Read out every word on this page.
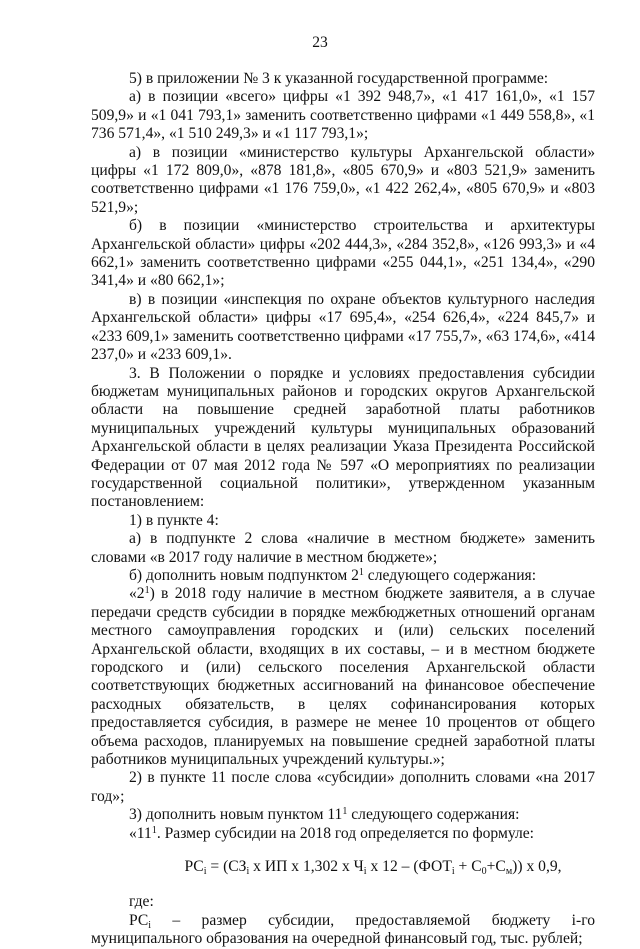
23

5) в приложении № 3 к указанной государственной программе:

а) в позиции «всего» цифры «1 392 948,7», «1 417 161,0», «1 157 509,9» и «1 041 793,1» заменить соответственно цифрами «1 449 558,8», «1 736 571,4», «1 510 249,3» и «1 117 793,1»;

а) в позиции «министерство культуры Архангельской области» цифры «1 172 809,0», «878 181,8», «805 670,9» и «803 521,9» заменить соответственно цифрами «1 176 759,0», «1 422 262,4», «805 670,9» и «803 521,9»;

б) в позиции «министерство строительства и архитектуры Архангельской области» цифры «202 444,3», «284 352,8», «126 993,3» и «4 662,1» заменить соответственно цифрами «255 044,1», «251 134,4», «290 341,4» и «80 662,1»;

в) в позиции «инспекция по охране объектов культурного наследия Архангельской области» цифры «17 695,4», «254 626,4», «224 845,7» и «233 609,1» заменить соответственно цифрами «17 755,7», «63 174,6», «414 237,0» и «233 609,1».

3. В Положении о порядке и условиях предоставления субсидии бюджетам муниципальных районов и городских округов Архангельской области на повышение средней заработной платы работников муниципальных учреждений культуры муниципальных образований Архангельской области в целях реализации Указа Президента Российской Федерации от 07 мая 2012 года № 597 «О мероприятиях по реализации государственной социальной политики», утвержденном указанным постановлением:

1) в пункте 4:

а) в подпункте 2 слова «наличие в местном бюджете» заменить словами «в 2017 году наличие в местном бюджете»;

б) дополнить новым подпунктом $2^1$ следующего содержания:

«$2^1$) в 2018 году наличие в местном бюджете заявителя, а в случае передачи средств субсидии в порядке межбюджетных отношений органам местного самоуправления городских и (или) сельских поселений Архангельской области, входящих в их составы, – и в местном бюджете городского и (или) сельского поселения Архангельской области соответствующих бюджетных ассигнований на финансовое обеспечение расходных обязательств, в целях софинансирования которых предоставляется субсидия, в размере не менее 10 процентов от общего объема расходов, планируемых на повышение средней заработной платы работников муниципальных учреждений культуры.»;

2) в пункте 11 после слова «субсидии» дополнить словами «на 2017 год»;

3) дополнить новым пунктом $11^1$ следующего содержания:

«$11^1$. Размер субсидии на 2018 год определяется по формуле:

$РС_i = (СЗ_i$ х ИП х 1,302 х $Ч_i$ х $12 - (ФОТ_i + С_0+С_м)$) х 0,9,

где:

$РС_i$ – размер субсидии, предоставляемой бюджету i-го муниципального образования на очередной финансовый год, тыс. рублей;
